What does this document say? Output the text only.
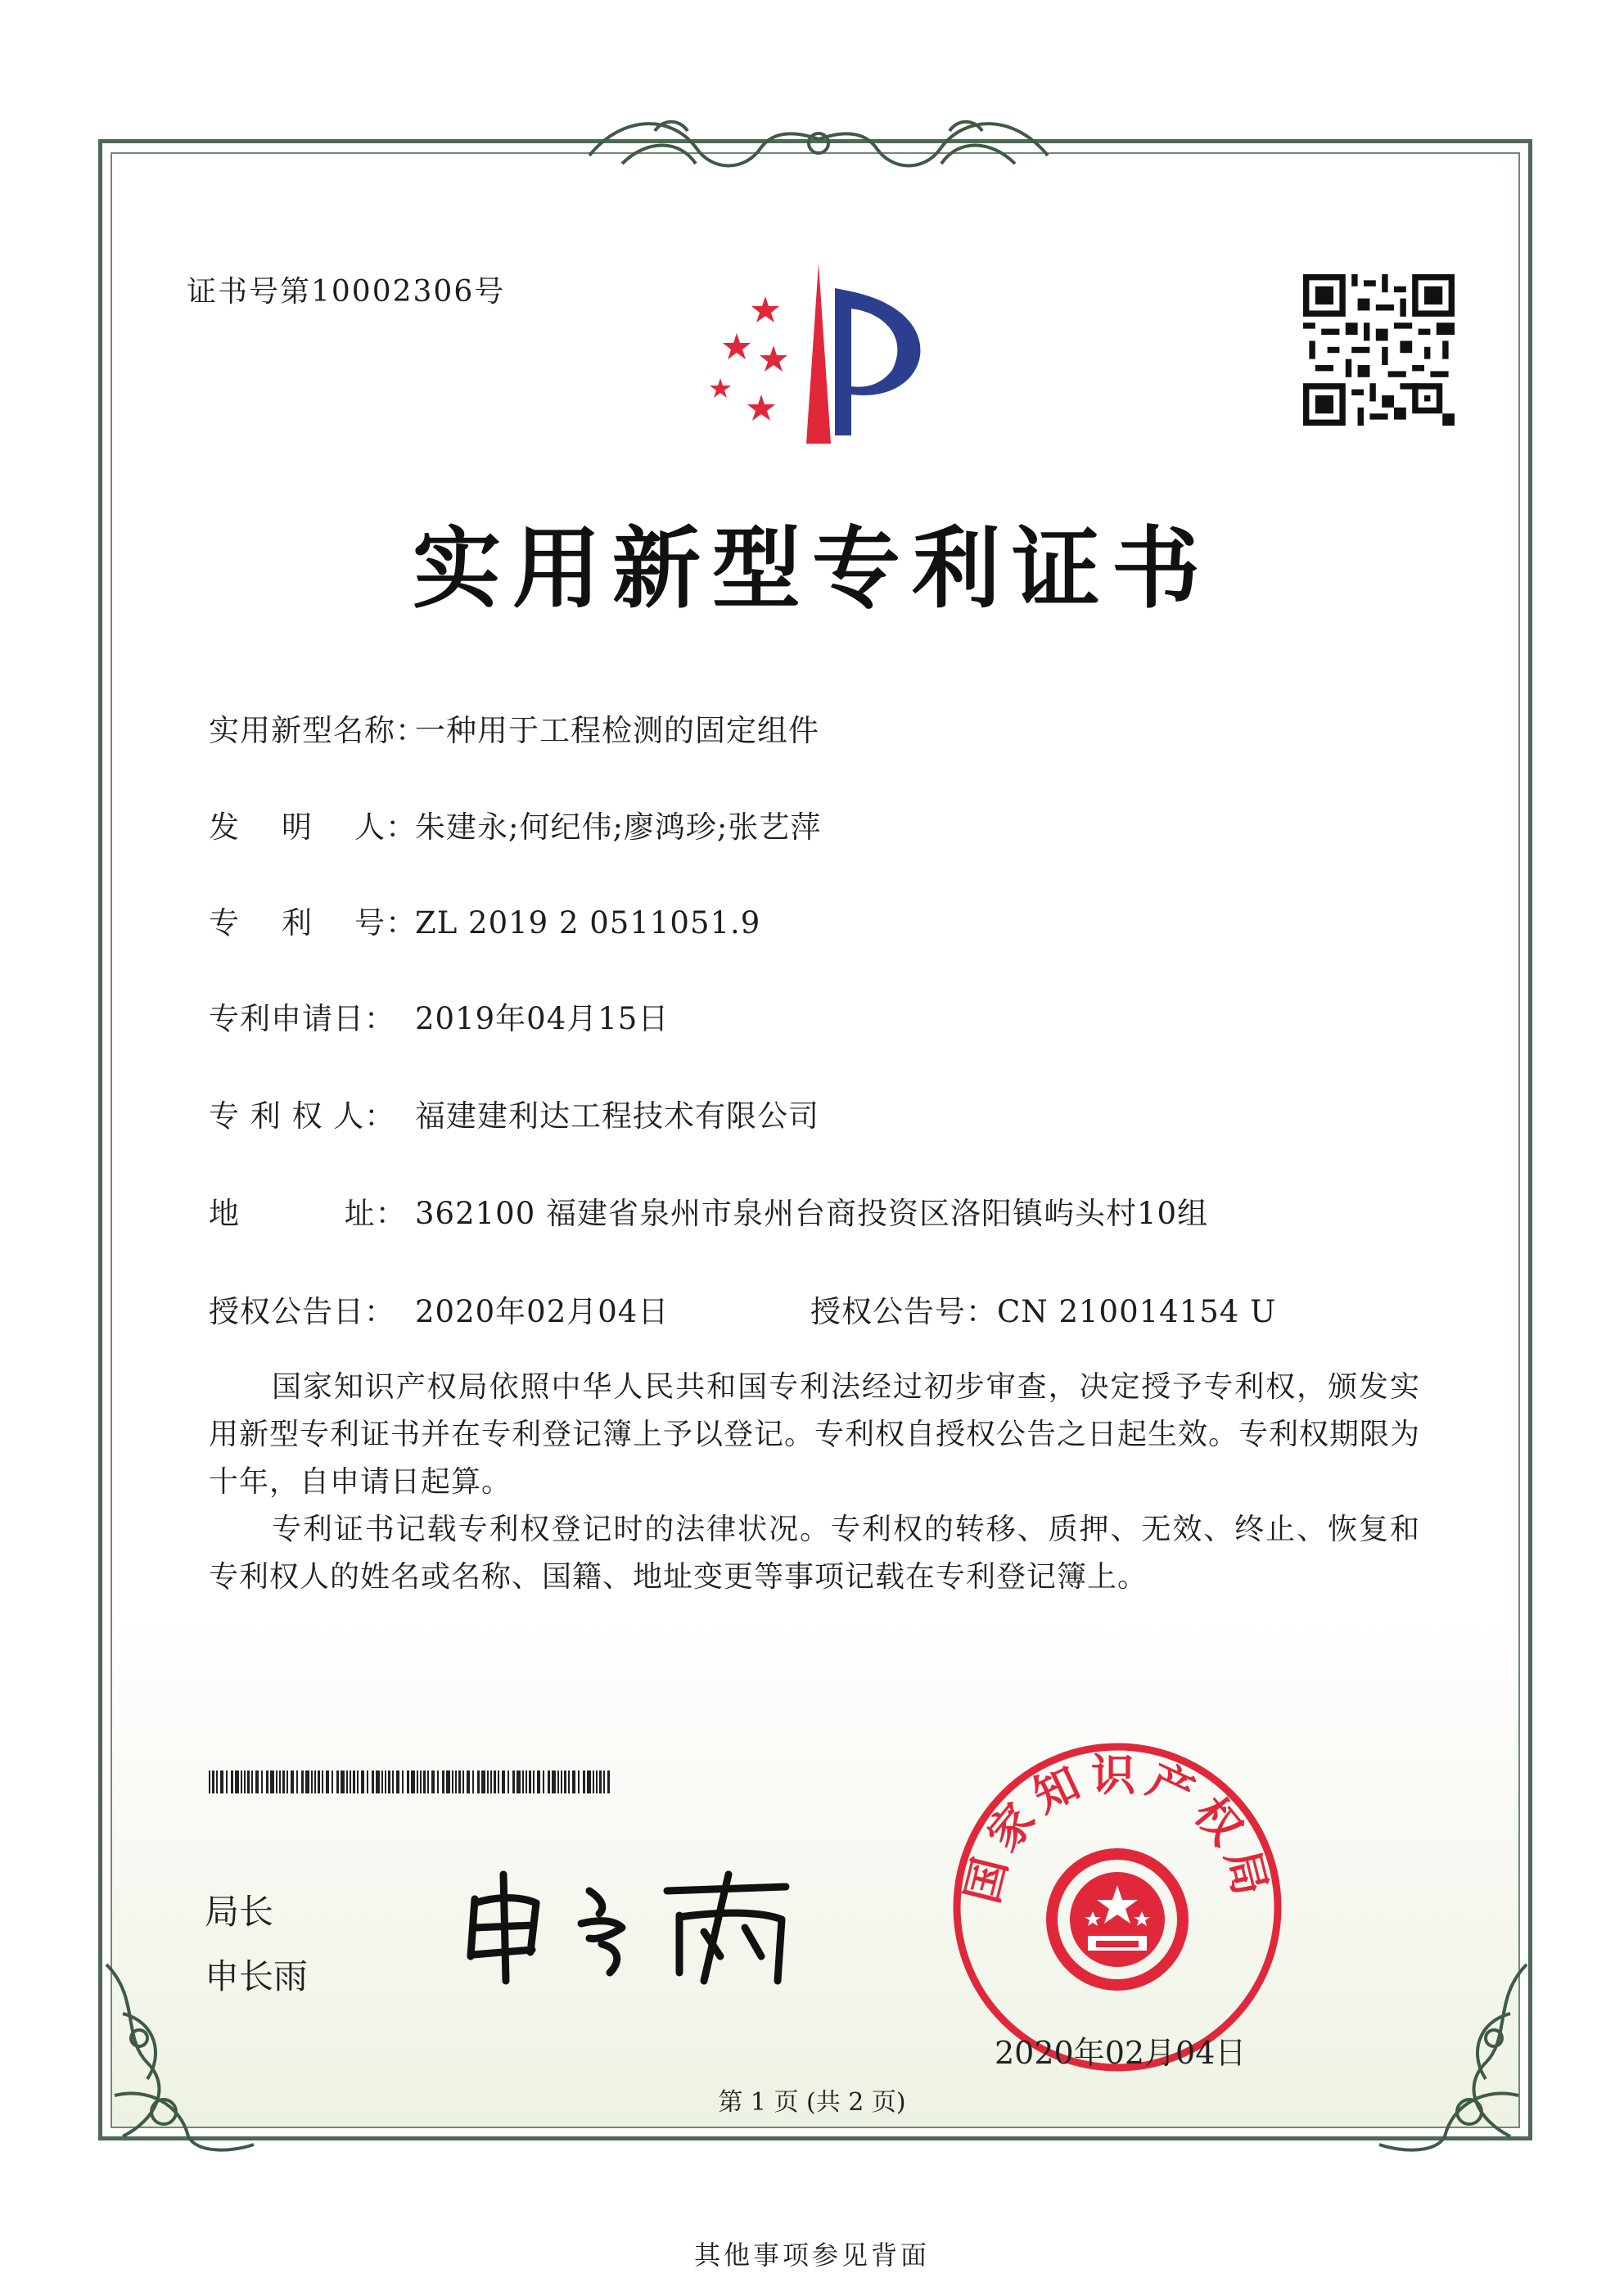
证书号第10002306号
实用新型专利证书
实用新型名称：一种用于工程检测的固定组件
发    明    人：朱建永;何纪伟;廖鸿珍;张艺萍
专    利    号：ZL 2019 2 0511051.9
专利申请日： 2019年04月15日
专 利 权 人： 福建建利达工程技术有限公司
地          址： 362100 福建省泉州市泉州台商投资区洛阳镇屿头村10组
授权公告日： 2020年02月04日	授权公告号：CN 210014154 U
国家知识产权局依照中华人民共和国专利法经过初步审查，决定授予专利权，颁发实用新型专利证书并在专利登记簿上予以登记。专利权自授权公告之日起生效。专利权期限为十年，自申请日起算。
专利证书记载专利权登记时的法律状况。专利权的转移、质押、无效、终止、恢复和专利权人的姓名或名称、国籍、地址变更等事项记载在专利登记簿上。
局长
申长雨
国家知识产权局
2020年02月04日
第 1 页 (共 2 页)
其他事项参见背面
